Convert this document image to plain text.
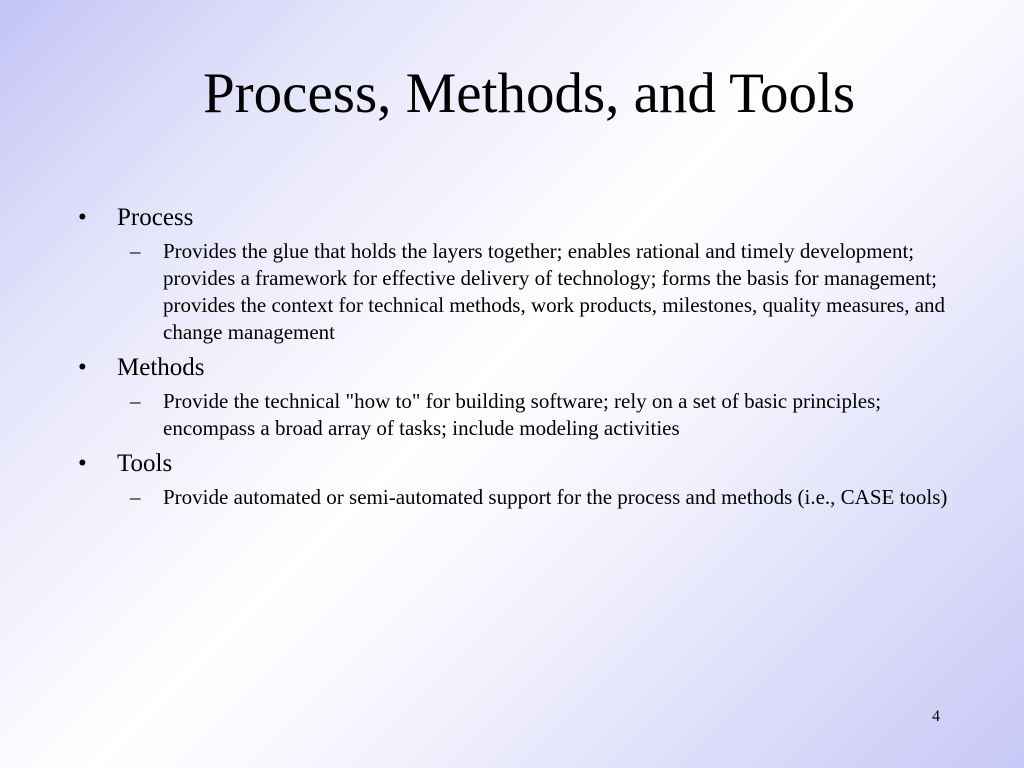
Process, Methods, and Tools
• Process
– Provides the glue that holds the layers together; enables rational and timely development; provides a framework for effective delivery of technology; forms the basis for management; provides the context for technical methods, work products, milestones, quality measures, and change management
• Methods
– Provide the technical "how to" for building software; rely on a set of basic principles; encompass a broad array of tasks; include modeling activities
• Tools
– Provide automated or semi-automated support for the process and methods (i.e., CASE tools)
4
